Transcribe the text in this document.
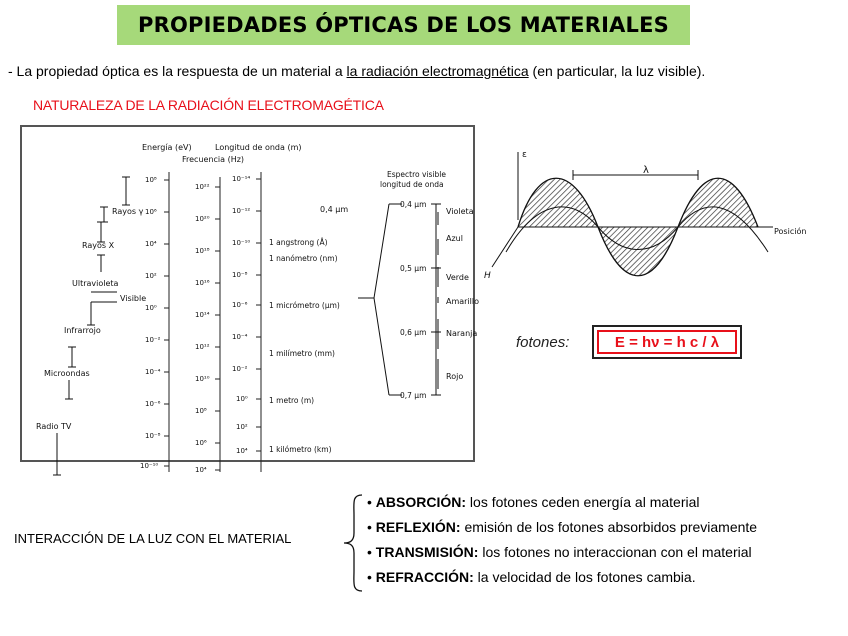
PROPIEDADES ÓPTICAS DE LOS MATERIALES
- La propiedad óptica es la respuesta de un material a la radiación electromagnética (en particular, la luz visible).
NATURALEZA DE LA RADIACIÓN ELECTROMAGÉTICA
Energía (eV)
Frecuencia (Hz)
Longitud de onda (m)
Espectro visible
longitud de onda
10⁸
10⁶
10⁴
10²
10⁰
10⁻²
10⁻⁴
10⁻⁶
10⁻⁸
10⁻¹⁰
10²²
10²⁰
10¹⁸
10¹⁶
10¹⁴
10¹²
10¹⁰
10⁸
10⁶
10⁴
10⁻¹⁴
10⁻¹²
10⁻¹⁰
10⁻⁸
10⁻⁶
10⁻⁴
10⁻²
10⁰
10²
10⁴
Rayos γ
Rayos X
Ultravioleta
Visible
Infrarrojo
Microondas
Radio TV
0,4 μm
1 angstrong (Å)
1 nanómetro (nm)
1 micrómetro (μm)
1 milímetro (mm)
1 metro (m)
1 kilómetro (km)
0,4 μm
0,5 μm
0,6 μm
0,7 μm
Violeta
Azul
Verde
Amarillo
Naranja
Rojo
ε
λ
H
Posición
fotones:	E = hν = h c / λ
INTERACCIÓN DE LA LUZ CON EL MATERIAL
• ABSORCIÓN: los fotones ceden energía al material
• REFLEXIÓN: emisión de los fotones absorbidos previamente
• TRANSMISIÓN: los fotones no interaccionan con el material
• REFRACCIÓN: la velocidad de los fotones cambia.
